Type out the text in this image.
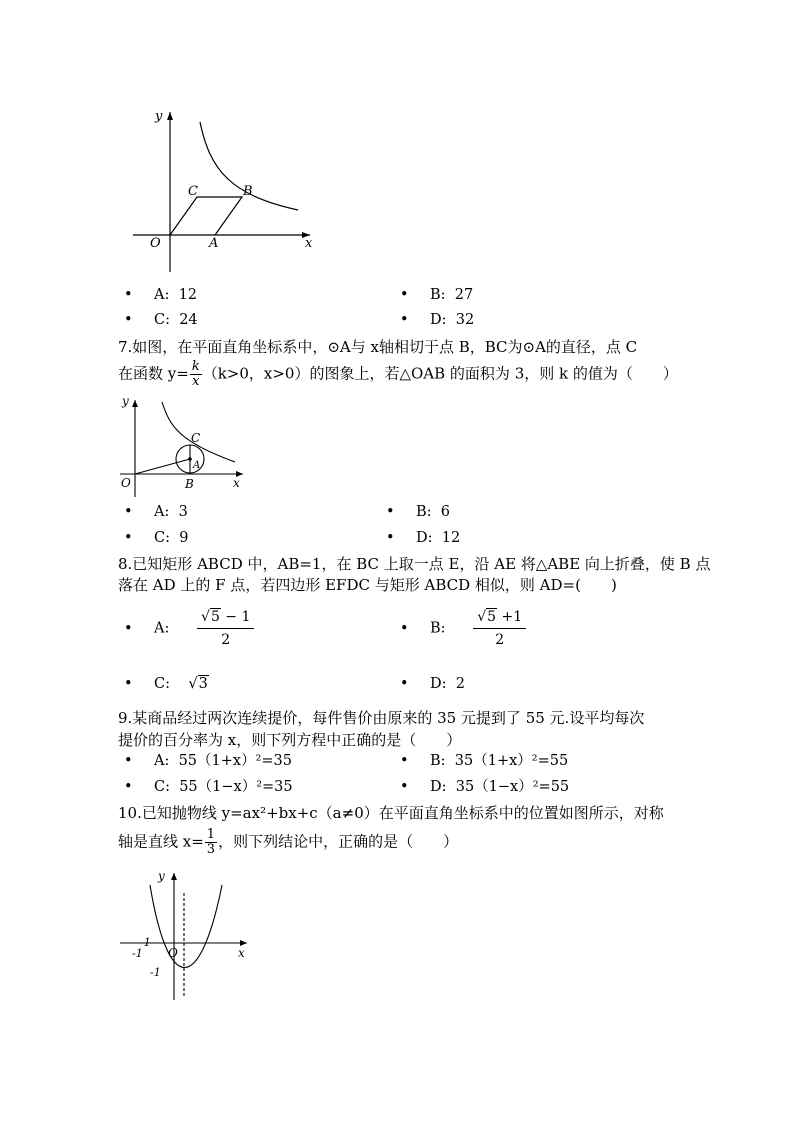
y
x
O	A
B
C
• A: 12	• B: 27
• C: 24	• D: 32
7.如图，在平面直角坐标系中，⊙A与 x轴相切于点 B，BC为⊙A的直径，点 C
在函数 $y= \frac{k}{x} (k>0$，x>0）的图象上，若△OAB 的面积为 3，则 k 的值为（　　）
y
x
O	B
C
A
• A: 3	• B: 6
• C: 9	• D: 12
8.已知矩形 ABCD 中，AB=1，在 BC 上取一点 E，沿 AE 将△ABE 向上折叠，使 B 点
落在 AD 上的 F 点，若四边形 EFDC 与矩形 ABCD 相似，则 AD=(　　)
• A: $\frac{√5 - 1}{2}$	• B: $\frac{√5 +1}{2}$
• C:    √3	• D: 2
9.某商品经过两次连续提价，每件售价由原来的 35 元提到了 55 元.设平均每次
提价的百分率为 x，则下列方程中正确的是（　　）
• A: 55（1+x）²=35	• B: 35（1+x）²=55
• C: 55（1−x）²=35	• D: 35（1−x）²=55
10.已知抛物线 y=ax²+bx+c（a≠0）在平面直角坐标系中的位置如图所示，对称
轴是直线 $x= \frac{1}{3}$ ，则下列结论中，正确的是（　　）
y
x
O
-1
-1
-1
